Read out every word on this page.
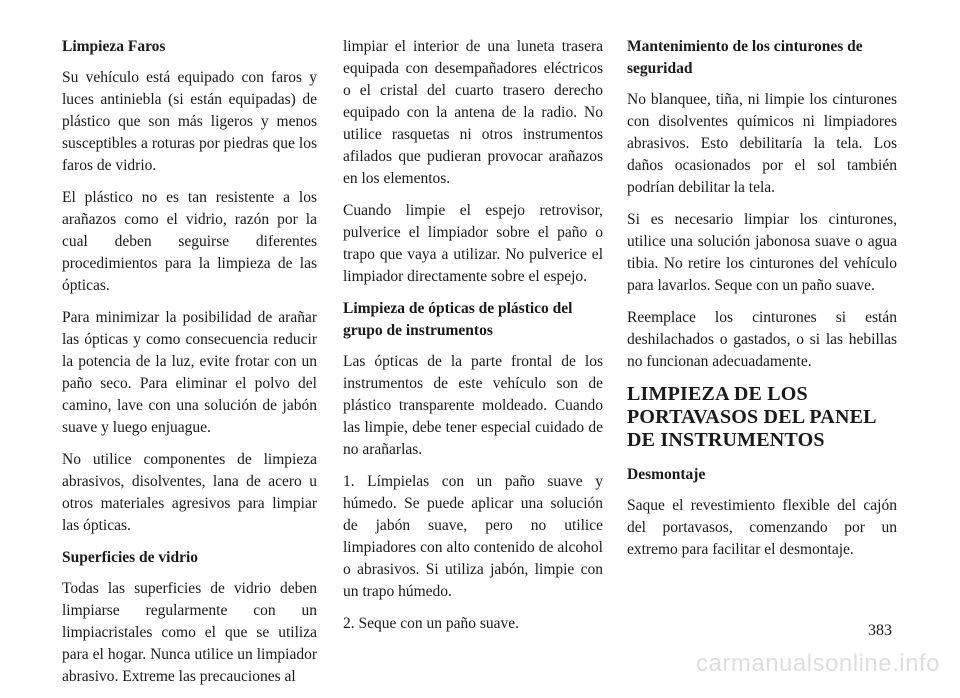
Limpieza Faros

Su vehículo está equipado con faros y luces antiniebla (si están equipadas) de plástico que son más ligeros y menos susceptibles a roturas por piedras que los faros de vidrio.

El plástico no es tan resistente a los arañazos como el vidrio, razón por la cual deben seguirse diferentes procedimientos para la limpieza de las ópticas.

Para minimizar la posibilidad de arañar las ópticas y como consecuencia reducir la potencia de la luz, evite frotar con un paño seco. Para eliminar el polvo del camino, lave con una solución de jabón suave y luego enjuague.

No utilice componentes de limpieza abrasivos, disolventes, lana de acero u otros materiales agresivos para limpiar las ópticas.

Superficies de vidrio

Todas las superficies de vidrio deben limpiarse regularmente con un limpiacristales como el que se utiliza para el hogar. Nunca utilice un limpiador abrasivo. Extreme las precauciones al

limpiar el interior de una luneta trasera equipada con desempañadores eléctricos o el cristal del cuarto trasero derecho equipado con la antena de la radio. No utilice rasquetas ni otros instrumentos afilados que pudieran provocar arañazos en los elementos.

Cuando limpie el espejo retrovisor, pulverice el limpiador sobre el paño o trapo que vaya a utilizar. No pulverice el limpiador directamente sobre el espejo.

Limpieza de ópticas de plástico del grupo de instrumentos

Las ópticas de la parte frontal de los instrumentos de este vehículo son de plástico transparente moldeado. Cuando las limpie, debe tener especial cuidado de no arañarlas.

1. Límpielas con un paño suave y húmedo. Se puede aplicar una solución de jabón suave, pero no utilice limpiadores con alto contenido de alcohol o abrasivos. Si utiliza jabón, limpie con un trapo húmedo.

2. Seque con un paño suave.

Mantenimiento de los cinturones de seguridad

No blanquee, tiña, ni limpie los cinturones con disolventes químicos ni limpiadores abrasivos. Esto debilitaría la tela. Los daños ocasionados por el sol también podrían debilitar la tela.

Si es necesario limpiar los cinturones, utilice una solución jabonosa suave o agua tibia. No retire los cinturones del vehículo para lavarlos. Seque con un paño suave.

Reemplace los cinturones si están deshilachados o gastados, o si las hebillas no funcionan adecuadamente.

LIMPIEZA DE LOS PORTAVASOS DEL PANEL DE INSTRUMENTOS
Desmontaje

Saque el revestimiento flexible del cajón del portavasos, comenzando por un extremo para facilitar el desmontaje.

383
carmanualsonline.info
